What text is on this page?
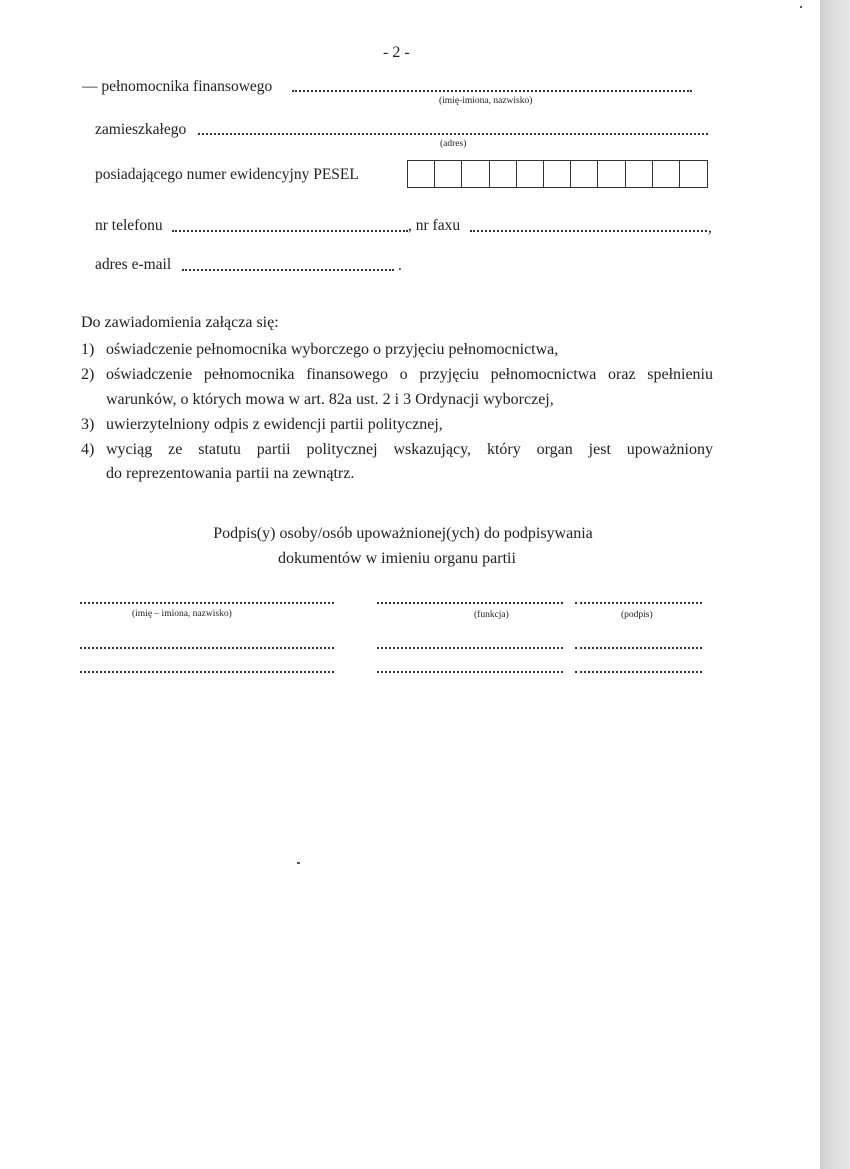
- 2 -
— pełnomocnika finansowego
(imię-imiona, nazwisko)
zamieszkałego
(adres)
posiadającego numer ewidencyjny PESEL
nr telefonu	, nr faxu	,
adres e-mail	.
Do zawiadomienia załącza się:
1) oświadczenie pełnomocnika wyborczego o przyjęciu pełnomocnictwa,
2) oświadczenie pełnomocnika finansowego o przyjęciu pełnomocnictwa oraz spełnieniu
warunków, o których mowa w art. 82a ust. 2 i 3 Ordynacji wyborczej,
3) uwierzytelniony odpis z ewidencji partii politycznej,
4) wyciąg ze statutu partii politycznej wskazujący, który organ jest upoważniony
do reprezentowania partii na zewnątrz.
Podpis(y) osoby/osób upoważnionej(ych) do podpisywania
dokumentów w imieniu organu partii
(imię – imiona, nazwisko)	(funkcja)	(podpis)
